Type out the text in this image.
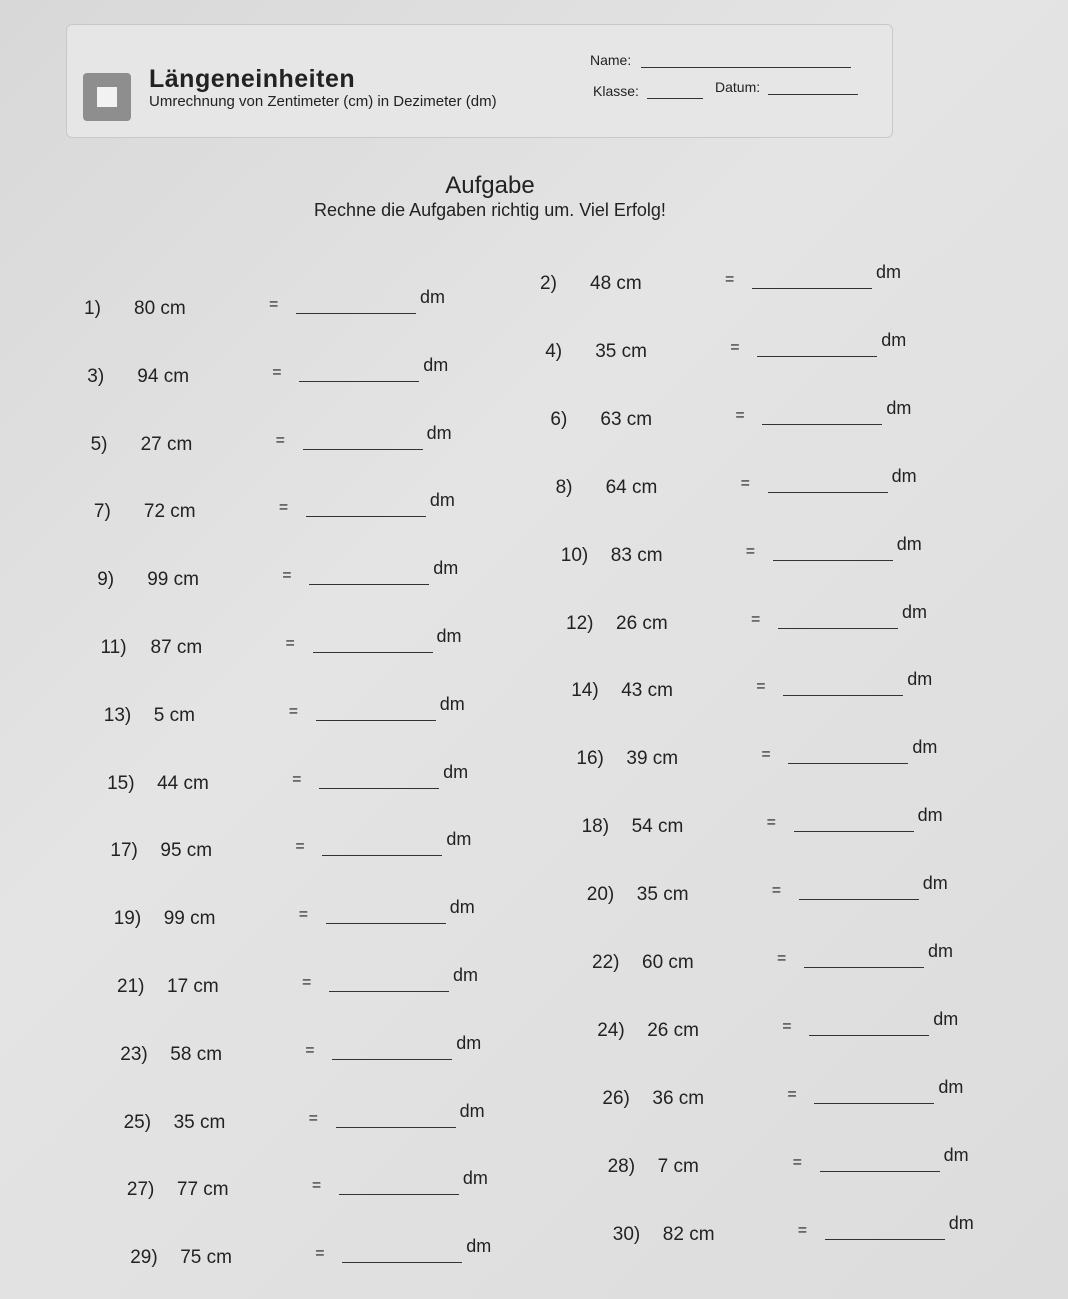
Längeneinheiten
Umrechnung von Zentimeter (cm) in Dezimeter (dm)
Name:
Klasse:	Datum:
Aufgabe
Rechne die Aufgaben richtig um. Viel Erfolg!
1) 80 cm	=	dm
2) 48 cm	=	dm
3) 94 cm	=	dm
4) 35 cm	=	dm
5) 27 cm	=	dm
6) 63 cm	=	dm
7) 72 cm	=	dm
8) 64 cm	=	dm
9) 99 cm	=	dm
10) 83 cm	=	dm
11) 87 cm	=	dm
12) 26 cm	=	dm
13) 5 cm	=	dm
14) 43 cm	=	dm
15) 44 cm	=	dm
16) 39 cm	=	dm
17) 95 cm	=	dm
18) 54 cm	=	dm
19) 99 cm	=	dm
20) 35 cm	=	dm
21) 17 cm	=	dm
22) 60 cm	=	dm
23) 58 cm	=	dm
24) 26 cm	=	dm
25) 35 cm	=	dm
26) 36 cm	=	dm
27) 77 cm	=	dm
28) 7 cm	=	dm
29) 75 cm	=	dm
30) 82 cm	=	dm
